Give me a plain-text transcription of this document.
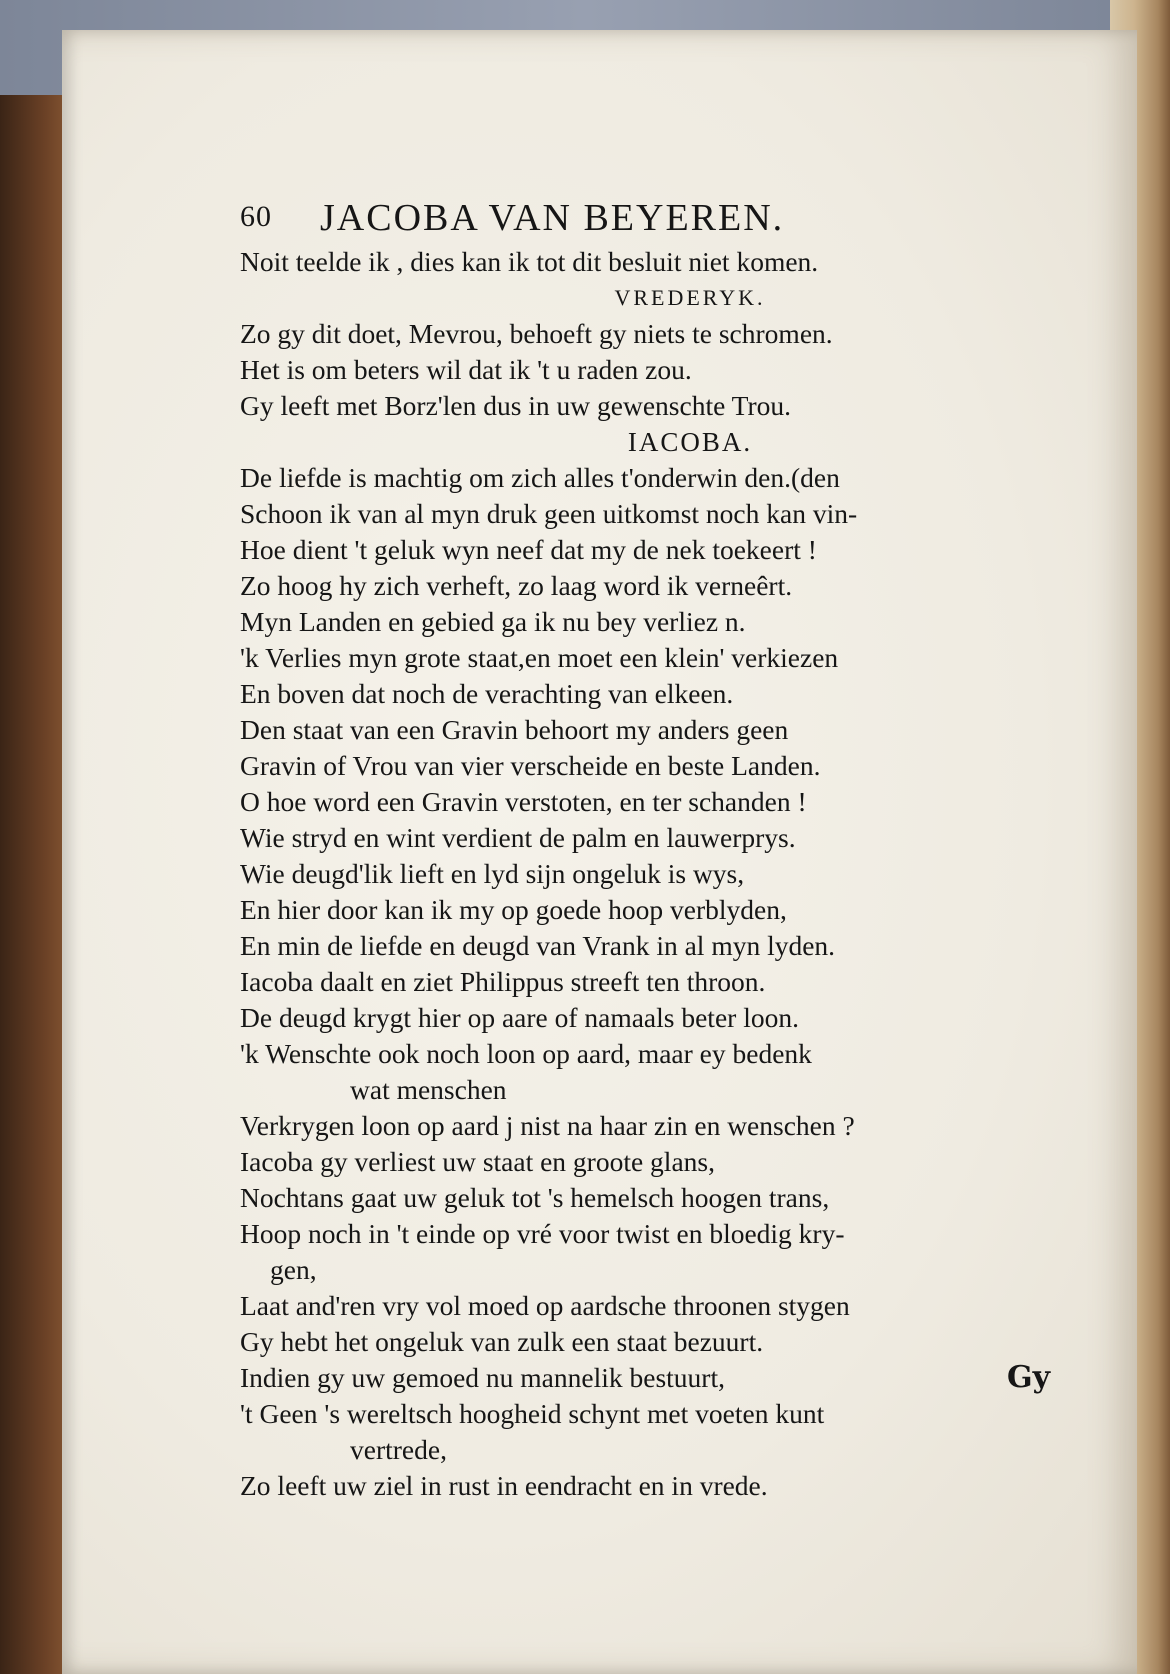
60 JACOBA VAN BEYEREN.
Noit teelde ik , dies kan ik tot dit besluit niet komen.
VREDERYK.
Zo gy dit doet, Mevrou, behoeft gy niets te schromen.
Het is om beters wil dat ik 't u raden zou.
Gy leeft met Borz'len dus in uw gewenschte Trou.
IACOBA.
De liefde is machtig om zich alles t'onderwin den.(den
Schoon ik van al myn druk geen uitkomst noch kan vin-
Hoe dient 't geluk wyn neef dat my de nek toekeert !
Zo hoog hy zich verheft, zo laag word ik verneêrt.
Myn Landen en gebied ga ik nu bey verliez n.
'k Verlies myn grote staat,en moet een klein' verkiezen
En boven dat noch de verachting van elkeen.
Den staat van een Gravin behoort my anders geen
Gravin of Vrou van vier verscheide en beste Landen.
O hoe word een Gravin verstoten, en ter schanden !
Wie stryd en wint verdient de palm en lauwerprys.
Wie deugd'lik lieft en lyd sijn ongeluk is wys,
En hier door kan ik my op goede hoop verblyden,
En min de liefde en deugd van Vrank in al myn lyden.
Iacoba daalt en ziet Philippus streeft ten throon.
De deugd krygt hier op aare of namaals beter loon.
'k Wenschte ook noch loon op aard, maar ey bedenk
wat menschen
Verkrygen loon op aard j nist na haar zin en wenschen ?
Iacoba gy verliest uw staat en groote glans,
Nochtans gaat uw geluk tot 's hemelsch hoogen trans,
Hoop noch in 't einde op vré voor twist en bloedig kry-
gen,
Laat and'ren vry vol moed op aardsche throonen stygen
Gy hebt het ongeluk van zulk een staat bezuurt.
Indien gy uw gemoed nu mannelik bestuurt,
't Geen 's wereltsch hoogheid schynt met voeten kunt
vertrede,
Zo leeft uw ziel in rust in eendracht en in vrede.
Gy
